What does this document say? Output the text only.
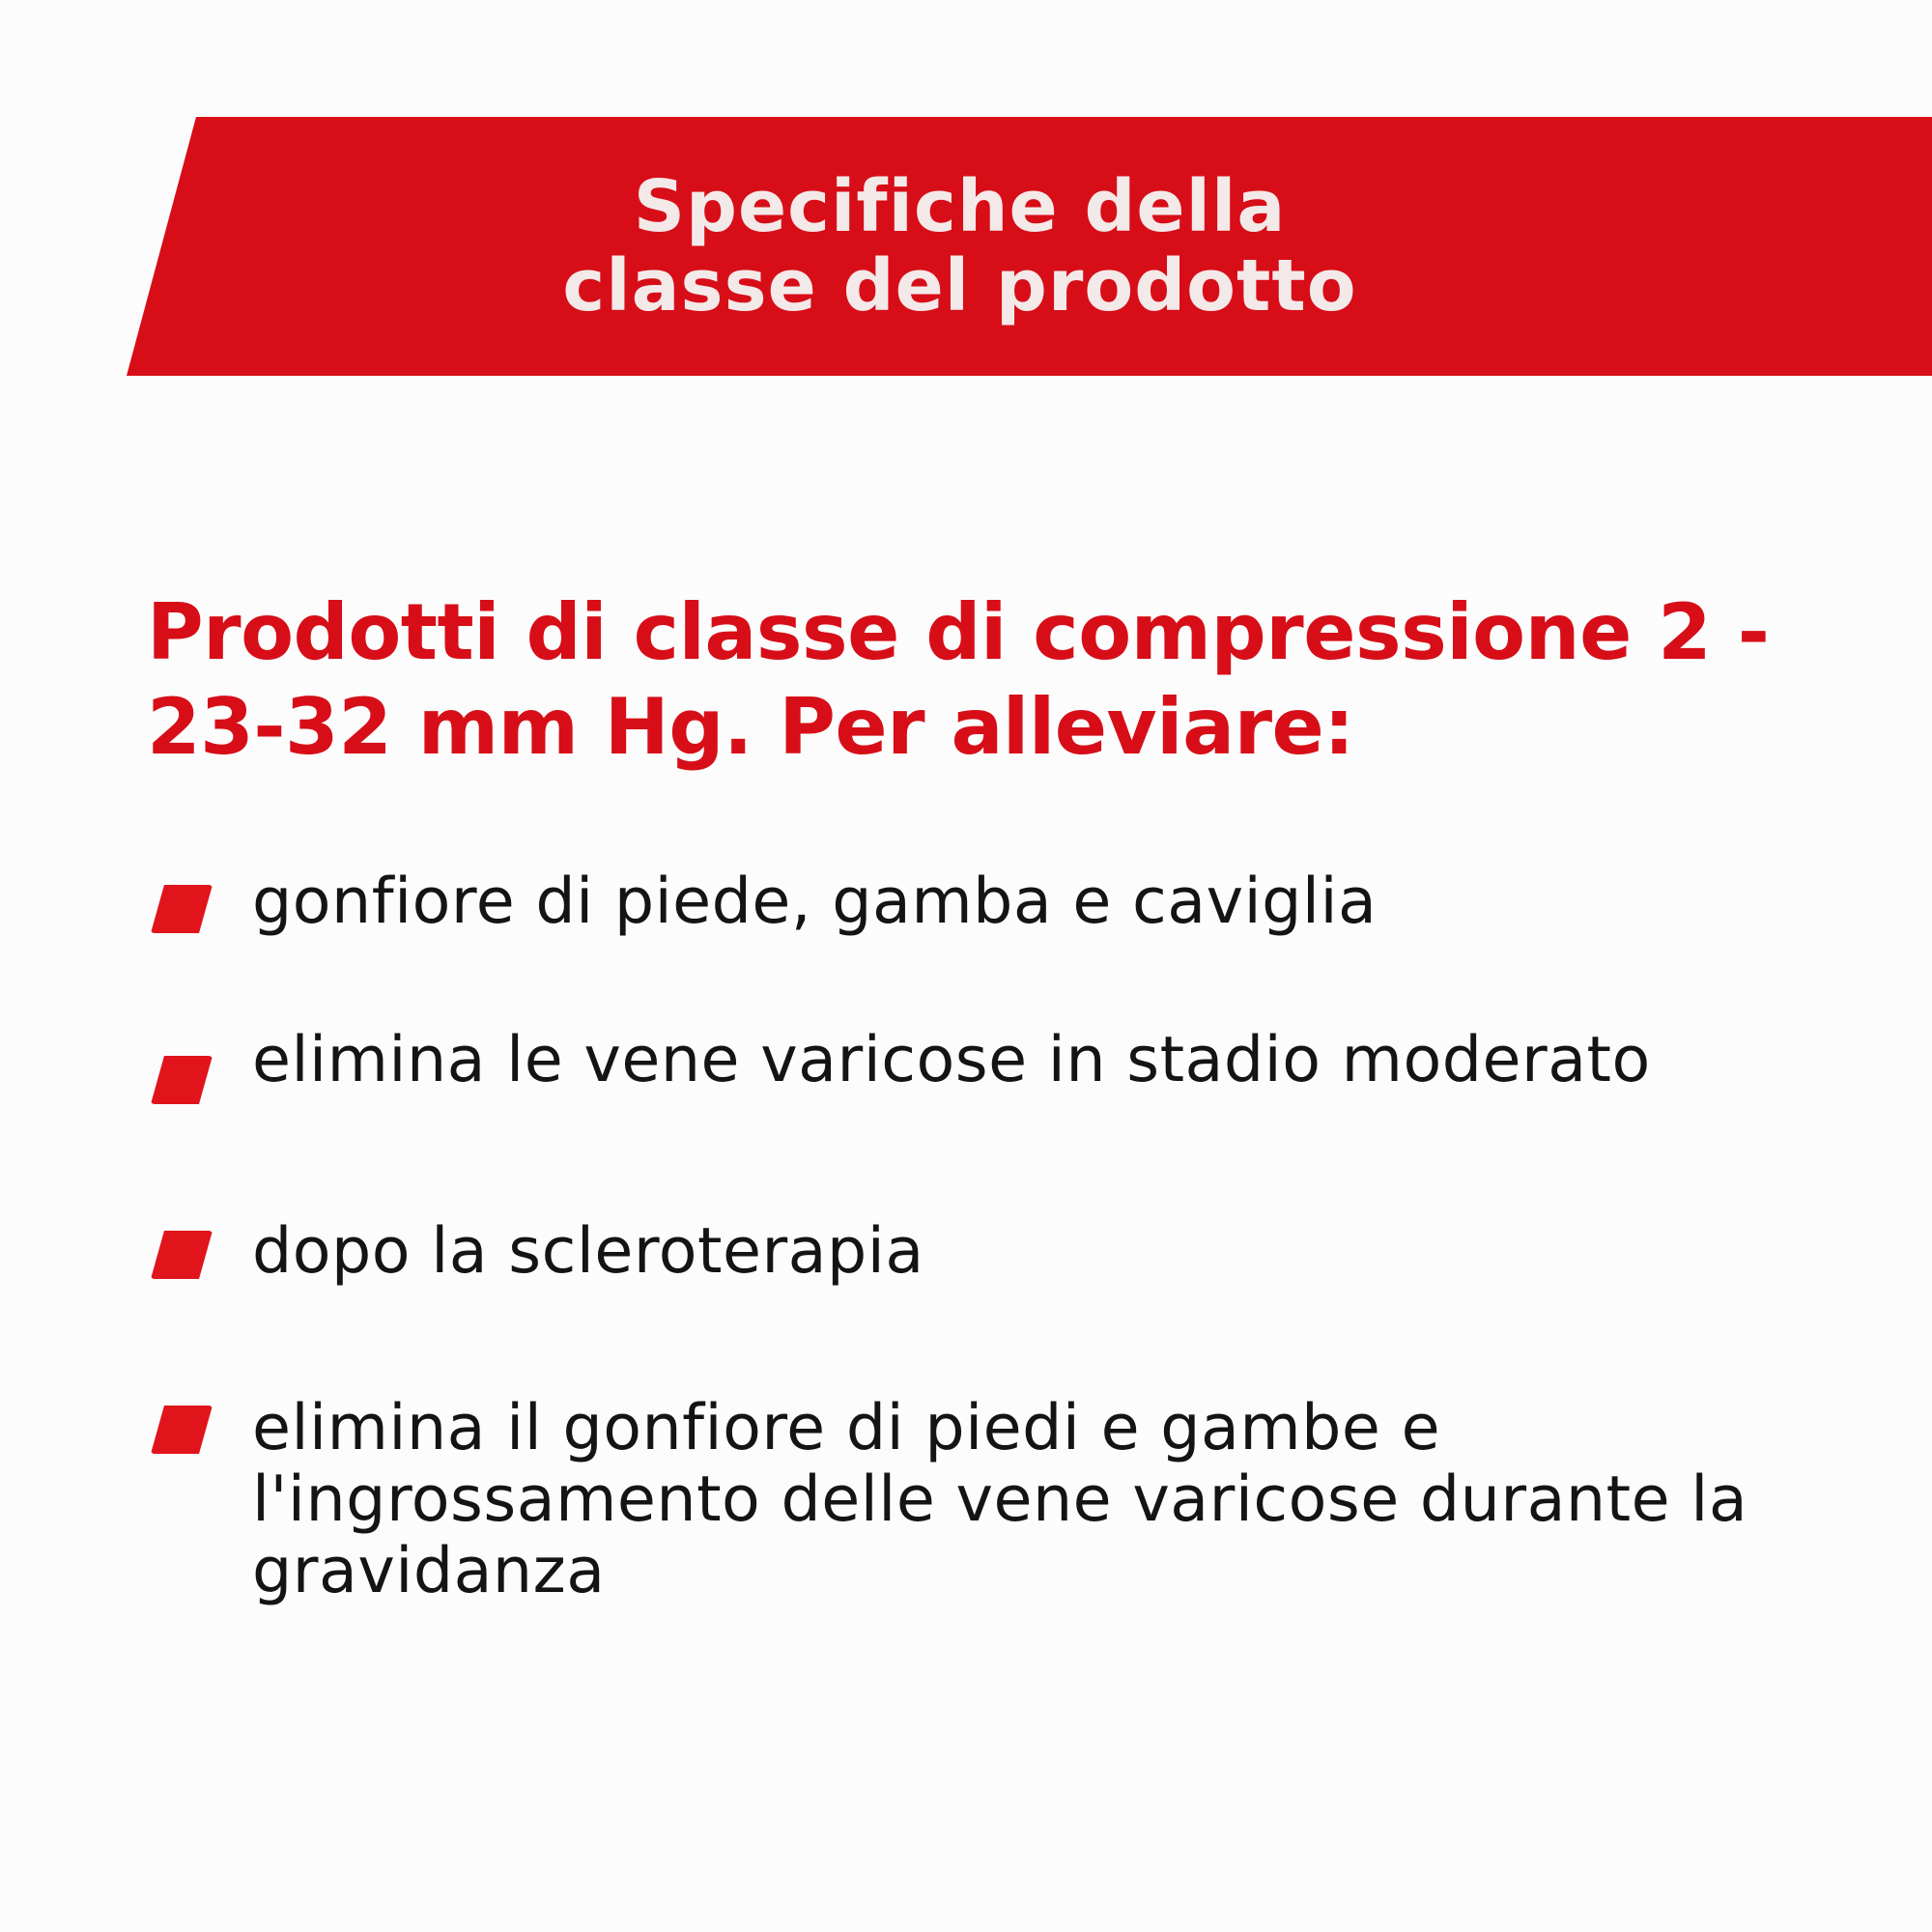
Specifiche della
classe del prodotto
Prodotti di classe di compressione 2 -
23-32 mm Hg. Per alleviare:
gonfiore di piede, gamba e caviglia
elimina le vene varicose in stadio moderato
dopo la scleroterapia
elimina il gonfiore di piedi e gambe e
l'ingrossamento delle vene varicose durante la
gravidanza
